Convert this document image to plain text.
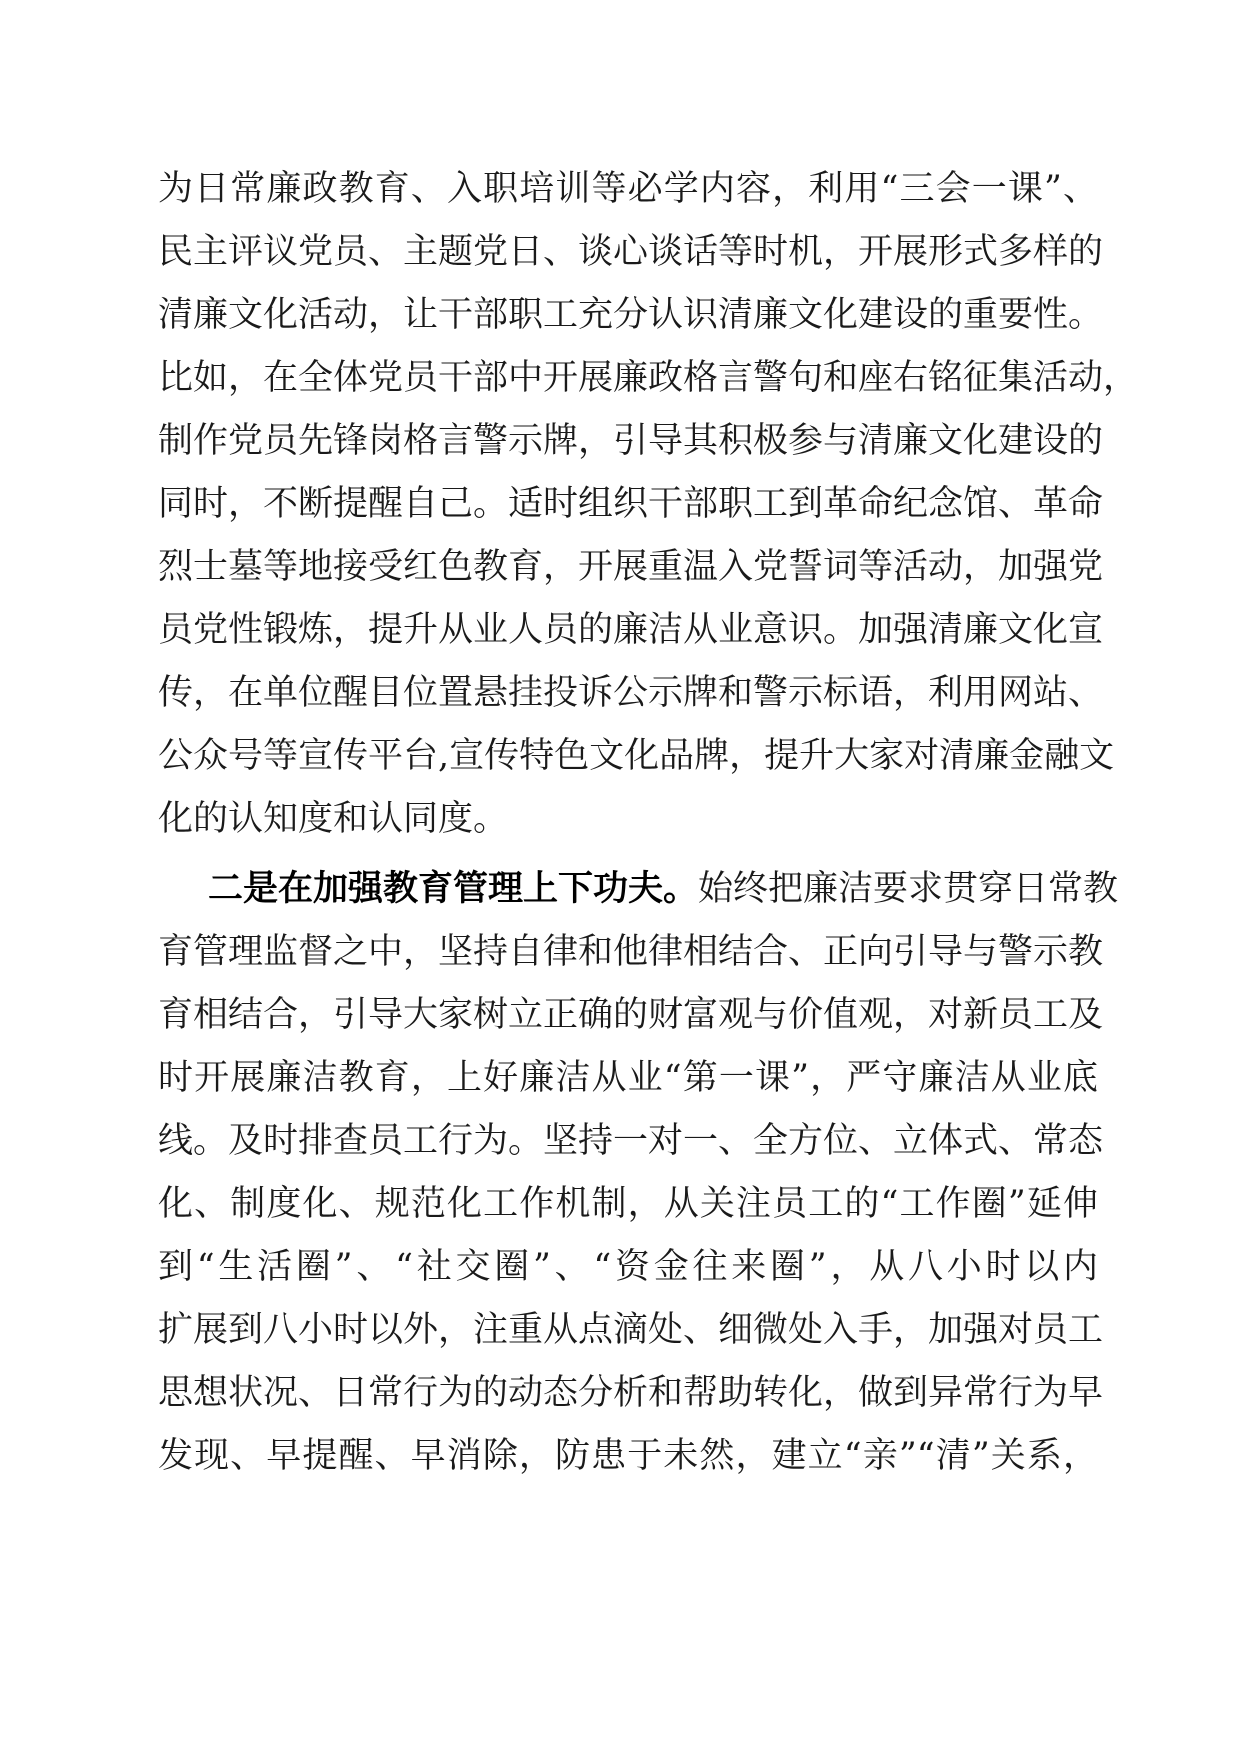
为日常廉政教育、入职培训等必学内容，利用“三会一课”、
民主评议党员、主题党日、谈心谈话等时机，开展形式多样的
清廉文化活动，让干部职工充分认识清廉文化建设的重要性。
比如，在全体党员干部中开展廉政格言警句和座右铭征集活动，
制作党员先锋岗格言警示牌，引导其积极参与清廉文化建设的
同时，不断提醒自己。适时组织干部职工到革命纪念馆、革命
烈士墓等地接受红色教育，开展重温入党誓词等活动，加强党
员党性锻炼，提升从业人员的廉洁从业意识。加强清廉文化宣
传，在单位醒目位置悬挂投诉公示牌和警示标语，利用网站、
公众号等宣传平台,宣传特色文化品牌，提升大家对清廉金融文
化的认知度和认同度。
二是在加强教育管理上下功夫。始终把廉洁要求贯穿日常教
育管理监督之中，坚持自律和他律相结合、正向引导与警示教
育相结合，引导大家树立正确的财富观与价值观，对新员工及
时开展廉洁教育，上好廉洁从业“第一课”，严守廉洁从业底
线。及时排查员工行为。坚持一对一、全方位、立体式、常态
化、制度化、规范化工作机制，从关注员工的“工作圈”延伸
到“生活圈”、“社交圈”、“资金往来圈”，从八小时以内
扩展到八小时以外，注重从点滴处、细微处入手，加强对员工
思想状况、日常行为的动态分析和帮助转化，做到异常行为早
发现、早提醒、早消除，防患于未然，建立“亲”“清”关系，
